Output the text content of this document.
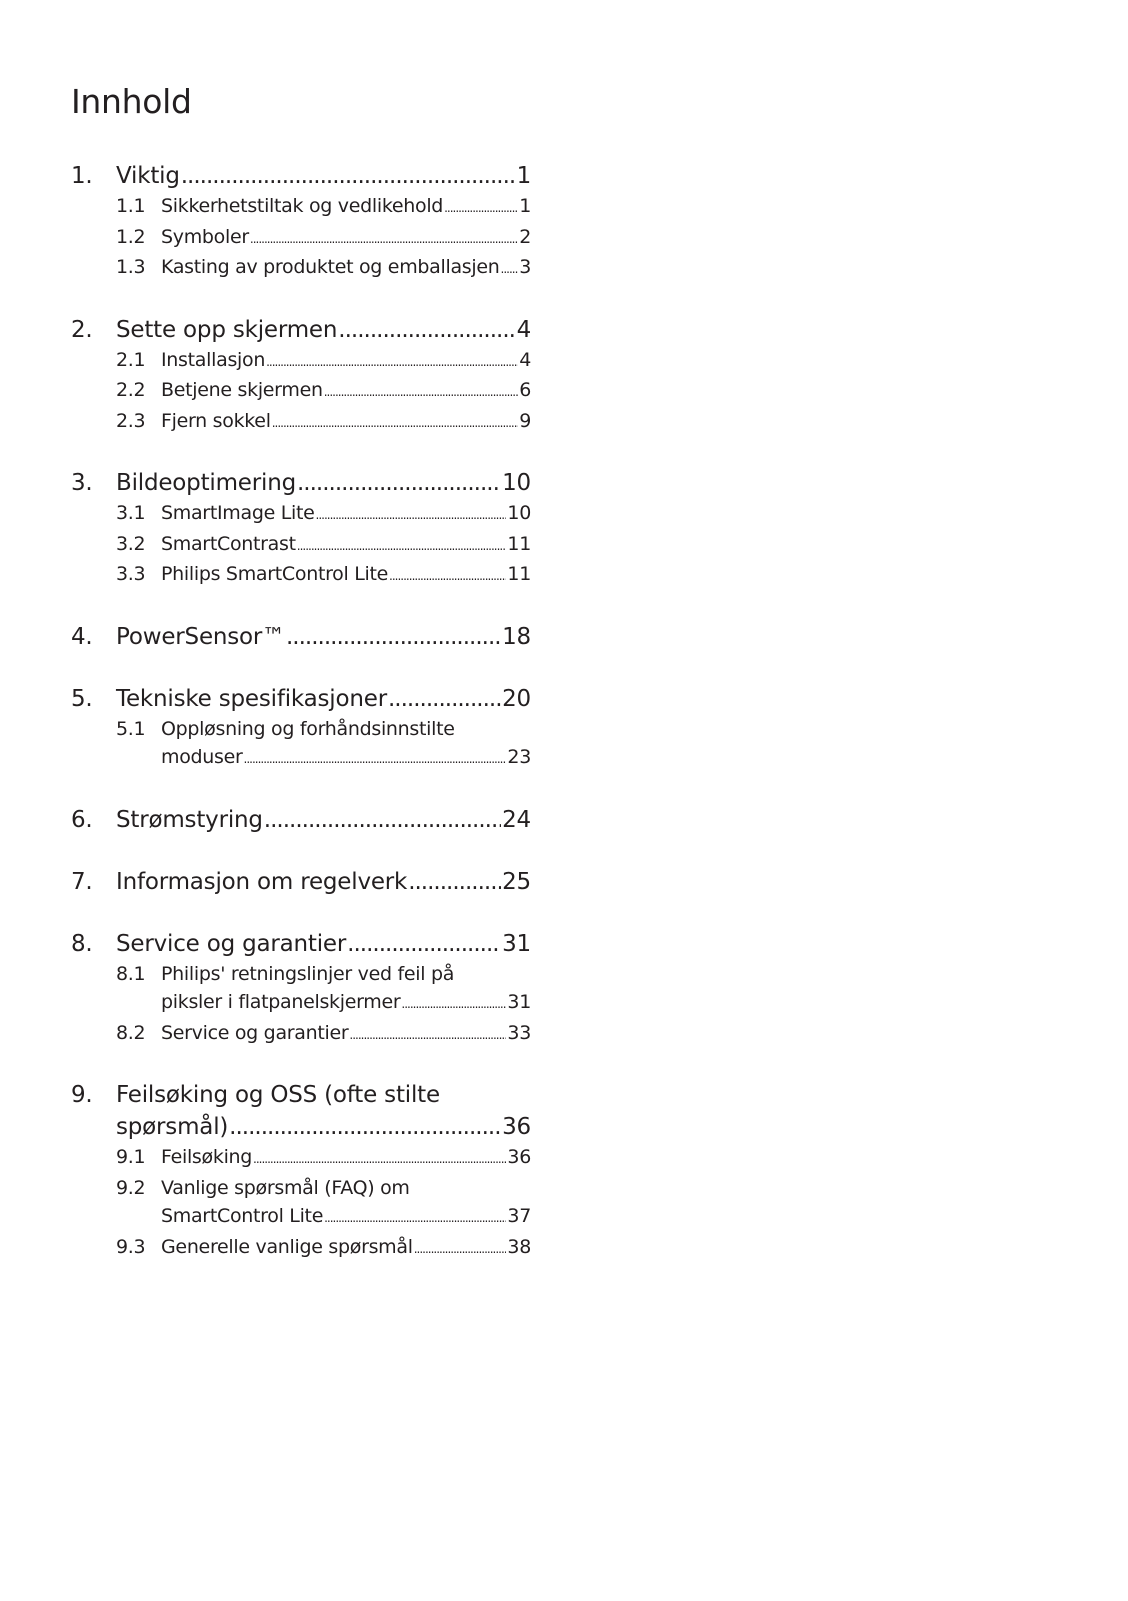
Innhold
1.	Viktig .....	1
1.1 Sikkerhetstiltak og vedlikehold .....	1
1.2 Symboler .....	2
1.3 Kasting av produktet og emballasjen ..... 3
2.	Sette opp skjermen .....	4
2.1 Installasjon .....	4
2.2 Betjene skjermen .....	6
2.3 Fjern sokkel .....	9
3.	Bildeoptimering .....	10
3.1 SmartImage Lite .....	10
3.2 SmartContrast .....	11
3.3 Philips SmartControl Lite .....	11
4.	PowerSensor™ .....	18
5.	Tekniske spesifikasjoner .....	20
5.1 Oppløsning og forhåndsinnstilte
moduser .....	23
6.	Strømstyring .....	24
7.	Informasjon om regelverk .....	25
8.	Service og garantier .....	31
8.1 Philips' retningslinjer ved feil på
piksler i flatpanelskjermer .....	31
8.2 Service og garantier .....	33
9.	Feilsøking og OSS (ofte stilte
spørsmål) .....	36
9.1 Feilsøking .....	36
9.2 Vanlige spørsmål (FAQ) om
SmartControl Lite .....	37
9.3 Generelle vanlige spørsmål .....	38
